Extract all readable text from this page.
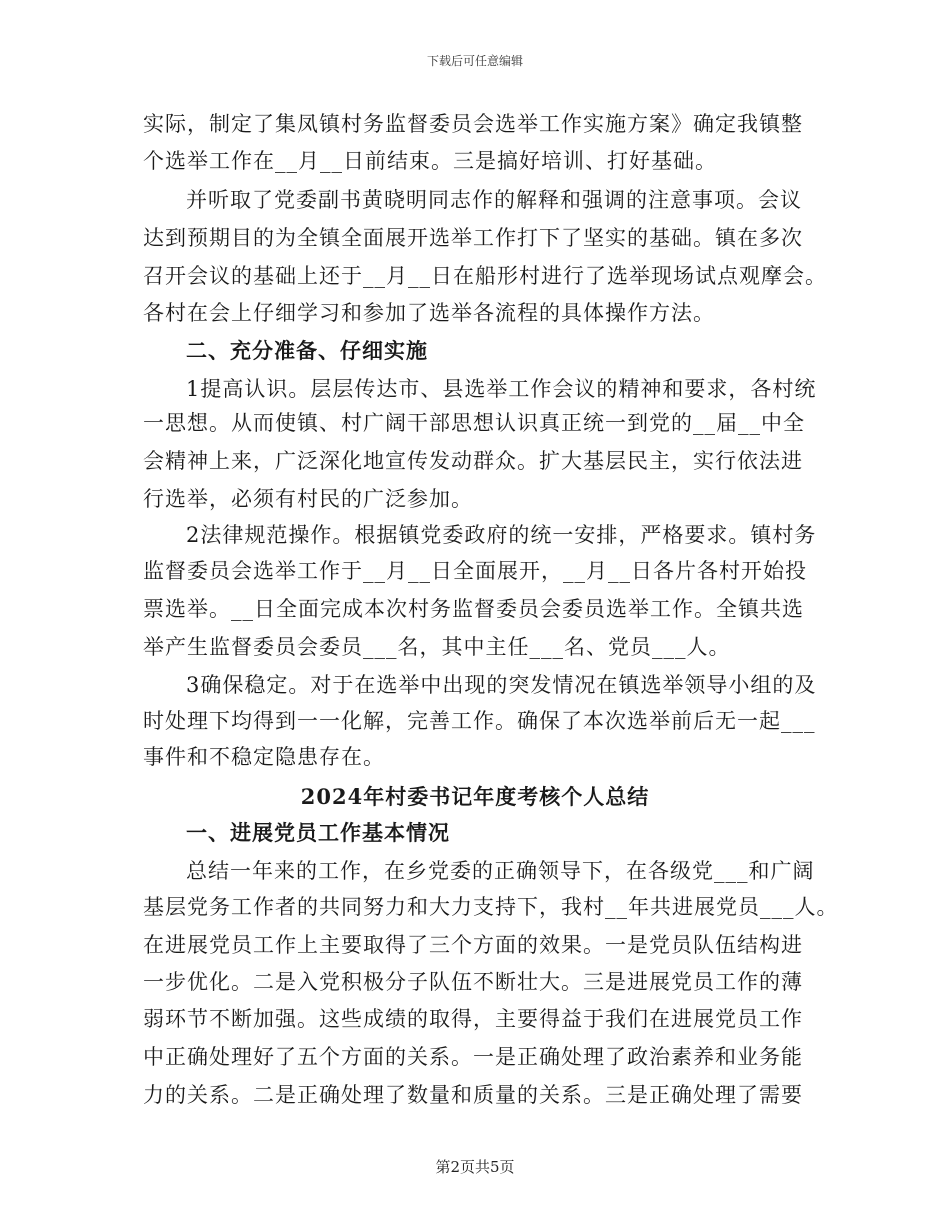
下载后可任意编辑
实际，制定了集凤镇村务监督委员会选举工作实施方案》确定我镇整
个选举工作在__月__日前结束。三是搞好培训、打好基础。
并听取了党委副书黄晓明同志作的解释和强调的注意事项。会议
达到预期目的为全镇全面展开选举工作打下了坚实的基础。镇在多次
召开会议的基础上还于__月__日在船形村进行了选举现场试点观摩会。
各村在会上仔细学习和参加了选举各流程的具体操作方法。
二、充分准备、仔细实施
1提高认识。层层传达市、县选举工作会议的精神和要求，各村统
一思想。从而使镇、村广阔干部思想认识真正统一到党的__届__中全
会精神上来，广泛深化地宣传发动群众。扩大基层民主，实行依法进
行选举，必须有村民的广泛参加。
2法律规范操作。根据镇党委政府的统一安排，严格要求。镇村务
监督委员会选举工作于__月__日全面展开，__月__日各片各村开始投
票选举。__日全面完成本次村务监督委员会委员选举工作。全镇共选
举产生监督委员会委员___名，其中主任___名、党员___人。
3确保稳定。对于在选举中出现的突发情况在镇选举领导小组的及
时处理下均得到一一化解，完善工作。确保了本次选举前后无一起___
事件和不稳定隐患存在。
2024年村委书记年度考核个人总结
一、进展党员工作基本情况
总结一年来的工作，在乡党委的正确领导下，在各级党___和广阔
基层党务工作者的共同努力和大力支持下，我村__年共进展党员___人。
在进展党员工作上主要取得了三个方面的效果。一是党员队伍结构进
一步优化。二是入党积极分子队伍不断壮大。三是进展党员工作的薄
弱环节不断加强。这些成绩的取得，主要得益于我们在进展党员工作
中正确处理好了五个方面的关系。一是正确处理了政治素养和业务能
力的关系。二是正确处理了数量和质量的关系。三是正确处理了需要
第2页共5页
